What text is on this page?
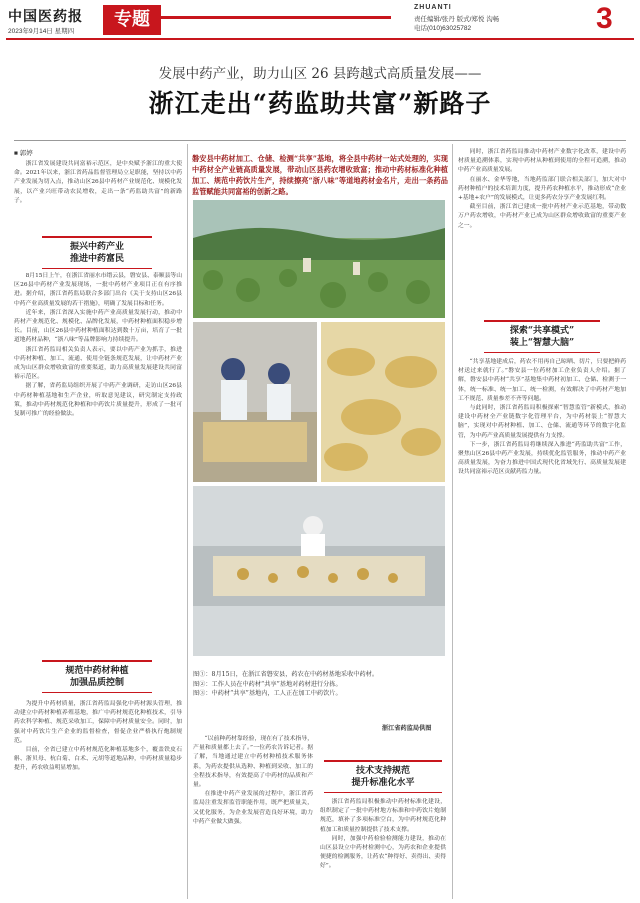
中国医药报
2023年9月14日 星期四
专题
ZHUANTI
责任编辑/张丹 版式/郑悦 沟畅
电话(010)63025782	3
发展中药产业，助力山区 26 县跨越式高质量发展——
浙江走出“药监助共富”新路子
■ 郭婷
磐安县中药材加工、仓储、检测“共享”基地，将全县中药材一站式处理的，实现中药材全产业链高质量发展，带动山区县药农增收致富；推动中药材标准化种植加工、规范中药饮片生产，持续擦亮“浙八味”等道地药材金名片，走出一条药品监管赋能共同富裕的创新之路。

浙江省发展建设共同富裕示范区，是中央赋予浙江的重大使命。2021年以来，浙江省药品监督管理局立足职能，坚持以中药产业发展为切入点，推动山区26县中药材产业规范化、规模化发展，以产业兴旺带动农民增收，走出一条“药监助共富”的新路子。

振兴中药产业
推进中药富民

8月15日上午，在浙江省丽水市缙云县，磐安县、泰顺县等山区26县中药材产业发展现场，一批中药材产业项目正在有序推进。据介绍，浙江省药监局联合多部门出台《关于支持山区26县中药产业高质量发展的若干措施》，明确了发展目标和任务。

近年来，浙江省深入实施中药产业高质量发展行动，推动中药材产业规范化、规模化、品牌化发展，中药材种植面积稳步增长。目前，山区26县中药材种植面积达到数十万亩，培育了一批道地药材品种，“浙八味”等品牌影响力持续提升。

浙江省药监局相关负责人表示，要以中药产业为抓手，推进中药材种植、加工、流通、使用全链条规范发展，让中药材产业成为山区群众增收致富的重要渠道，助力高质量发展建设共同富裕示范区。

据了解，省药监局组织开展了中药产业调研，走访山区26县中药材种植基地和生产企业，听取意见建议，研究制定支持政策，推动中药材规范化种植和中药饮片质量提升，形成了一批可复制可推广的经验做法。

规范中药材种植
加强品质控制

为提升中药材质量，浙江省药监局强化中药材源头管理，推动建立中药材种植养殖基地，推广中药材规范化种植技术，引导药农科学种植、规范采收加工，保障中药材质量安全。同时，加强对中药饮片生产企业的监督检查，督促企业严格执行炮制规范。

目前，全省已建立中药材规范化种植基地多个，覆盖铁皮石斛、浙贝母、杭白菊、白术、元胡等道地品种，中药材质量稳步提升，药农收益明显增加。

图①：8月15日，在浙江省磐安县，药农在中药材基地采收中药材。
图②：工作人员在中药材“共享”基地对药材进行分拣。
图③：中药材“共享”基地内，工人正在加工中药饮片。
浙江省药监局供图

“以前种药材靠经验，现在有了技术指导，产量和质量都上去了。”一位药农告诉记者。据了解，当地通过建立中药材种植技术服务体系，为药农提供从选种、种植到采收、加工的全程技术指导，有效提高了中药材的品质和产量。

在推进中药产业发展的过程中，浙江省药监局注重发挥监管职能作用，既严把质量关，又优化服务，为企业发展营造良好环境，助力中药产业做大做强。

技术支持规范
提升标准化水平

浙江省药监局积极推动中药材标准化建设，组织制定了一批中药材地方标准和中药饮片炮制规范，填补了多项标准空白，为中药材规范化种植加工和质量控制提供了技术支撑。

同时，加强中药检验检测能力建设，推动在山区县设立中药材检测中心，为药农和企业提供便捷的检测服务，让药农“种得好、卖得出、卖得好”。

同时，浙江省药监局推动中药材产业数字化改革，建设中药材质量追溯体系，实现中药材从种植到使用的全程可追溯，推动中药产业高质量发展。

在丽水、金华等地，当地药监部门联合相关部门，加大对中药材种植户的技术培训力度，提升药农种植水平，推动形成“企业+基地+农户”的发展模式，让更多药农分享产业发展红利。

截至目前，浙江省已建成一批中药材产业示范基地，带动数万户药农增收，中药材产业已成为山区群众增收致富的重要产业之一。

探索“共享模式”
装上“智慧大脑”

“共享基地建成后，药农不用再自己晾晒、切片，只要把鲜药材送过来就行了。”磐安县一位药材加工企业负责人介绍。据了解，磐安县中药材“共享”基地集中药材初加工、仓储、检测于一体，统一标准、统一加工、统一检测，有效解决了中药材产地加工不规范、质量参差不齐等问题。

与此同时，浙江省药监局积极探索“智慧监管”新模式，推动建设中药材全产业链数字化管理平台，为中药材装上“智慧大脑”，实现对中药材种植、加工、仓储、流通等环节的数字化监管，为中药产业高质量发展提供有力支撑。

下一步，浙江省药监局将继续深入推进“药监助共富”工作，聚焦山区26县中药产业发展，持续优化监管服务，推动中药产业高质量发展，为奋力推进中国式现代化省域先行、高质量发展建设共同富裕示范区贡献药监力量。
